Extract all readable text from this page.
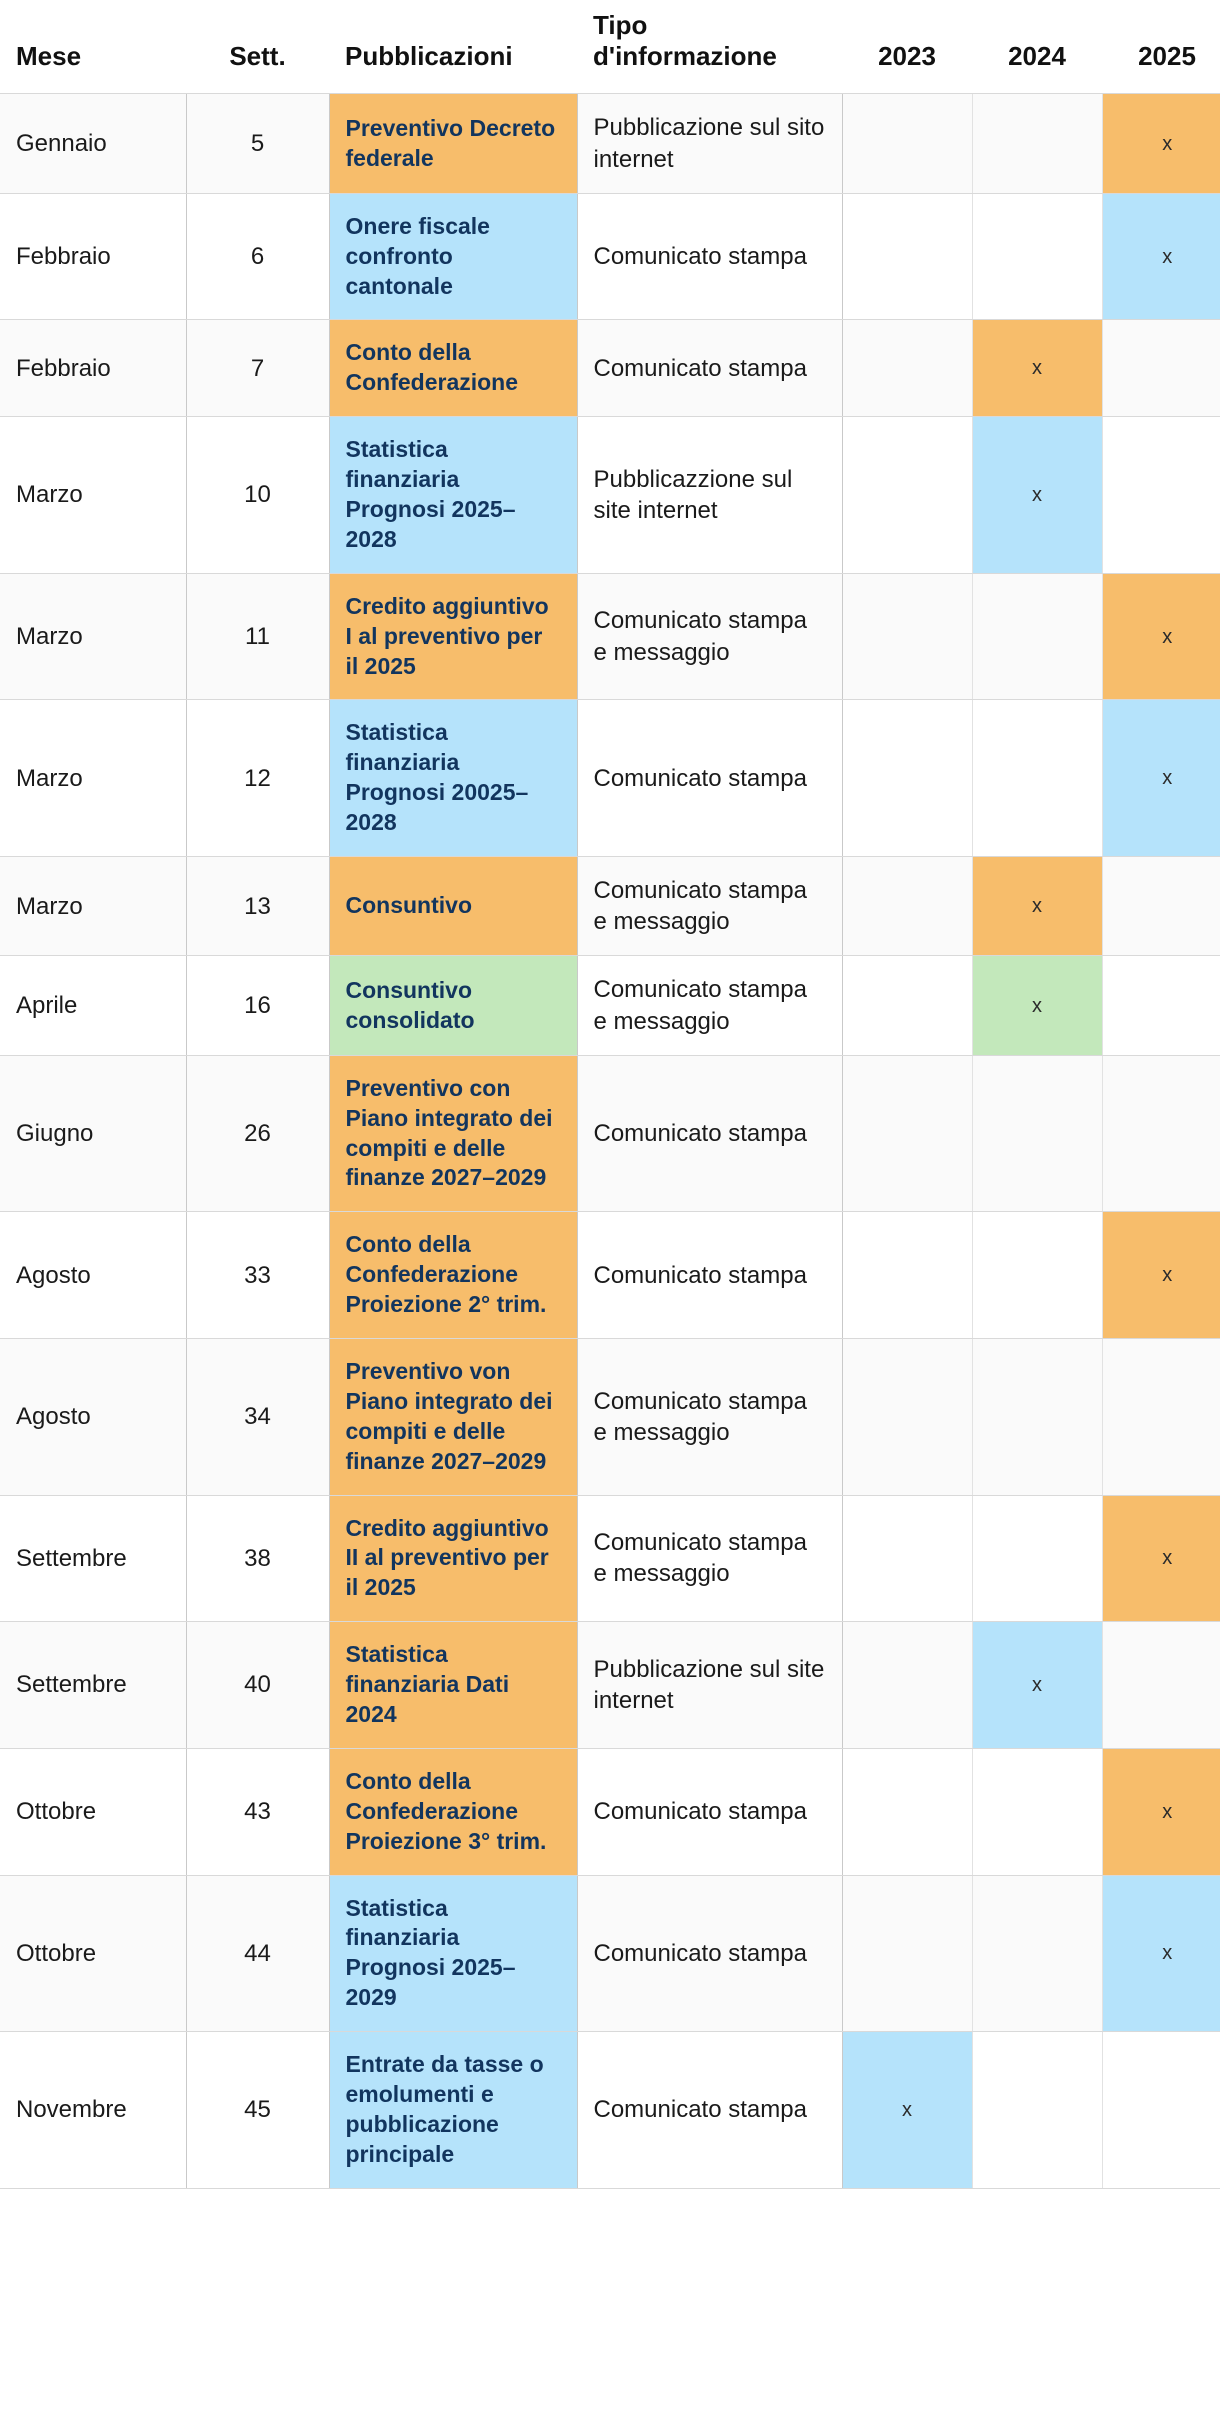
Mese	Sett.	Pubblicazioni	Tipo d'informazione	2023	2024	2025

Gennaio	5	Preventivo Decreto federale	Pubblicazione sul sito internet			x

Febbraio	6	Onere fiscale confronto cantonale	Comunicato stampa			x

Febbraio	7	Conto della Confederazione	Comunicato stampa		x	

Marzo	10	Statistica finanziaria Prognosi 2025–2028	Pubblicazzione sul site internet		x	

Marzo	11	Credito aggiuntivo I al preventivo per il 2025	Comunicato stampa e messaggio			x

Marzo	12	Statistica finanziaria Prognosi 20025–2028	Comunicato stampa			x

Marzo	13	Consuntivo	Comunicato stampa e messaggio		x	

Aprile	16	Consuntivo consolidato	Comunicato stampa e messaggio		x	

Giugno	26	Preventivo con Piano integrato dei compiti e delle finanze 2027–2029	Comunicato stampa			

Agosto	33	Conto della Confederazione Proiezione 2° trim.	Comunicato stampa			x

Agosto	34	Preventivo von Piano integrato dei compiti e delle finanze 2027–2029	Comunicato stampa e messaggio			

Settembre	38	Credito aggiuntivo II al preventivo per il 2025	Comunicato stampa e messaggio			x

Settembre	40	Statistica finanziaria Dati 2024	Pubblicazione sul site internet		x	

Ottobre	43	Conto della Confederazione Proiezione 3° trim.	Comunicato stampa			x

Ottobre	44	Statistica finanziaria Prognosi 2025–2029	Comunicato stampa			x

Novembre	45	Entrate da tasse o emolumenti e pubblicazione principale	Comunicato stampa	x		
